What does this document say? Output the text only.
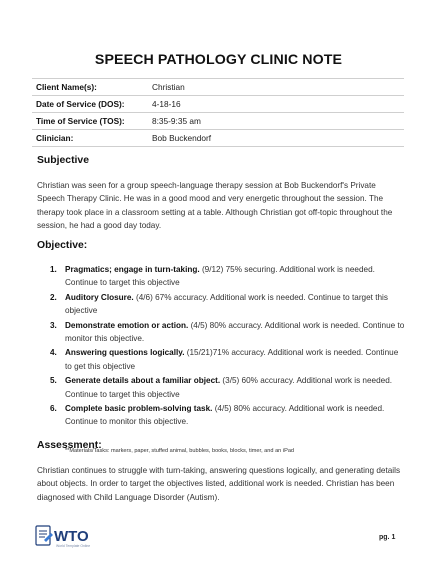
SPEECH PATHOLOGY CLINIC NOTE
Client Name(s):	Christian
Date of Service (DOS):	4-18-16
Time of Service (TOS):	8:35-9:35 am
Clinician:	Bob Buckendorf
Subjective

Christian was seen for a group speech-language therapy session at Bob Buckendorf's Private Speech Therapy Clinic. He was in a good mood and very energetic throughout the session. The therapy took place in a classroom setting at a table. Although Christian got off-topic throughout the session, he had a good day today.

Objective:
1. Pragmatics; engage in turn-taking. (9/12) 75% securing. Additional work is needed. Continue to target this objective
2. Auditory Closure. (4/6) 67% accuracy. Additional work is needed. Continue to target this objective
3. Demonstrate emotion or action. (4/5) 80% accuracy. Additional work is needed. Continue to monitor this objective.
4. Answering questions logically. (15/21)71% accuracy. Additional work is needed. Continue to get this objective
5. Generate details about a familiar object. (3/5) 60% accuracy. Additional work is needed. Continue to target this objective
6. Complete basic problem-solving task. (4/5) 80% accuracy. Additional work is needed. Continue to monitor this objective.
**Materials/Tasks: markers, paper, stuffed animal, bubbles, books, blocks, timer, and an iPad
Assessment:

Christian continues to struggle with turn-taking, answering questions logically, and generating details about objects. In order to target the objectives listed, additional work is needed. Christian has been diagnosed with Child Language Disorder (Autism).

WTO
World Template Online
pg. 1
